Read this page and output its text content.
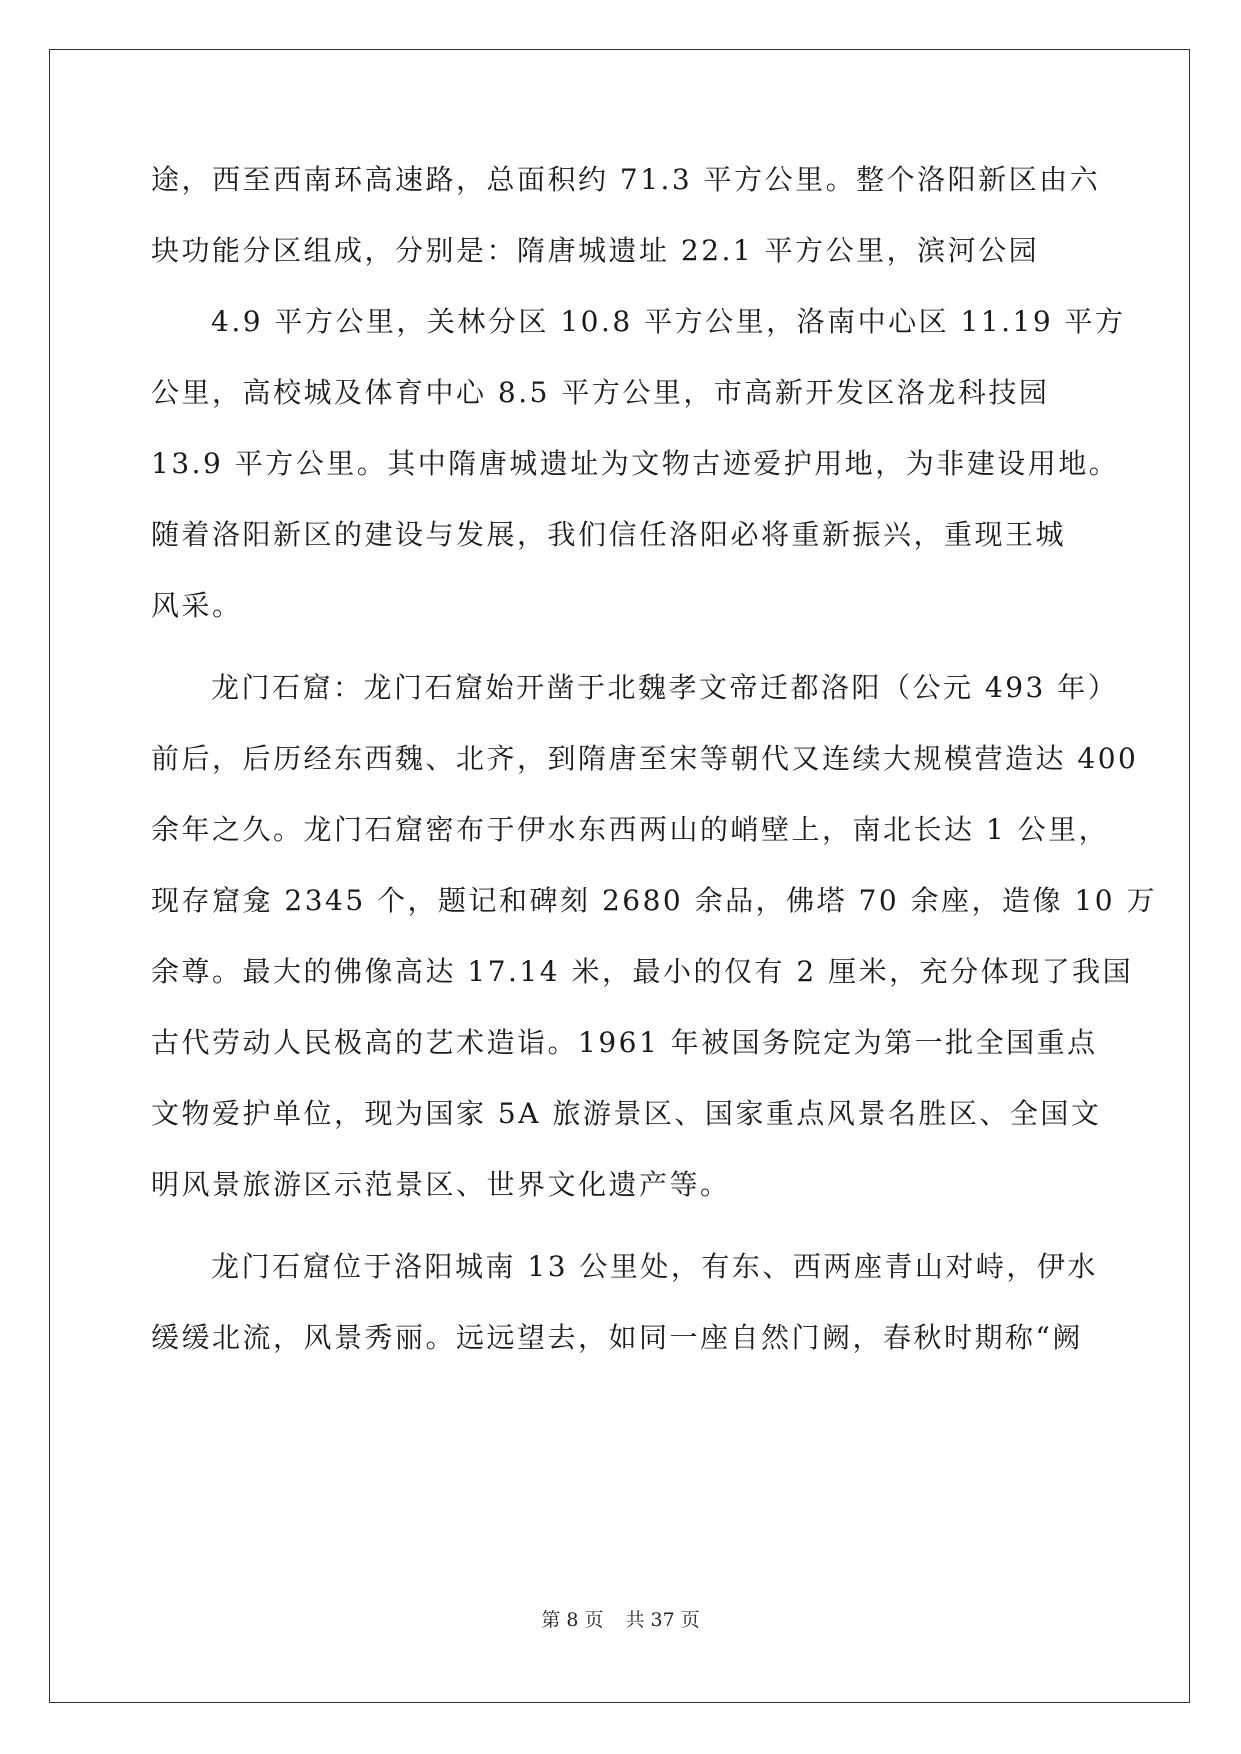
途，西至西南环高速路，总面积约 71.3 平方公里。整个洛阳新区由六
块功能分区组成，分别是：隋唐城遗址 22.1 平方公里，滨河公园
4.9 平方公里，关林分区 10.8 平方公里，洛南中心区 11.19 平方
公里，高校城及体育中心 8.5 平方公里，市高新开发区洛龙科技园
13.9 平方公里。其中隋唐城遗址为文物古迹爱护用地，为非建设用地。
随着洛阳新区的建设与发展，我们信任洛阳必将重新振兴，重现王城
风采。
龙门石窟：龙门石窟始开凿于北魏孝文帝迁都洛阳（公元 493 年）
前后，后历经东西魏、北齐，到隋唐至宋等朝代又连续大规模营造达 400
余年之久。龙门石窟密布于伊水东西两山的峭壁上，南北长达 1 公里，
现存窟龛 2345 个，题记和碑刻 2680 余品，佛塔 70 余座，造像 10 万
余尊。最大的佛像高达 17.14 米，最小的仅有 2 厘米，充分体现了我国
古代劳动人民极高的艺术造诣。1961 年被国务院定为第一批全国重点
文物爱护单位，现为国家 5A 旅游景区、国家重点风景名胜区、全国文
明风景旅游区示范景区、世界文化遗产等。
龙门石窟位于洛阳城南 13 公里处，有东、西两座青山对峙，伊水
缓缓北流，风景秀丽。远远望去，如同一座自然门阙，春秋时期称“阙
第 8 页 共 37 页
